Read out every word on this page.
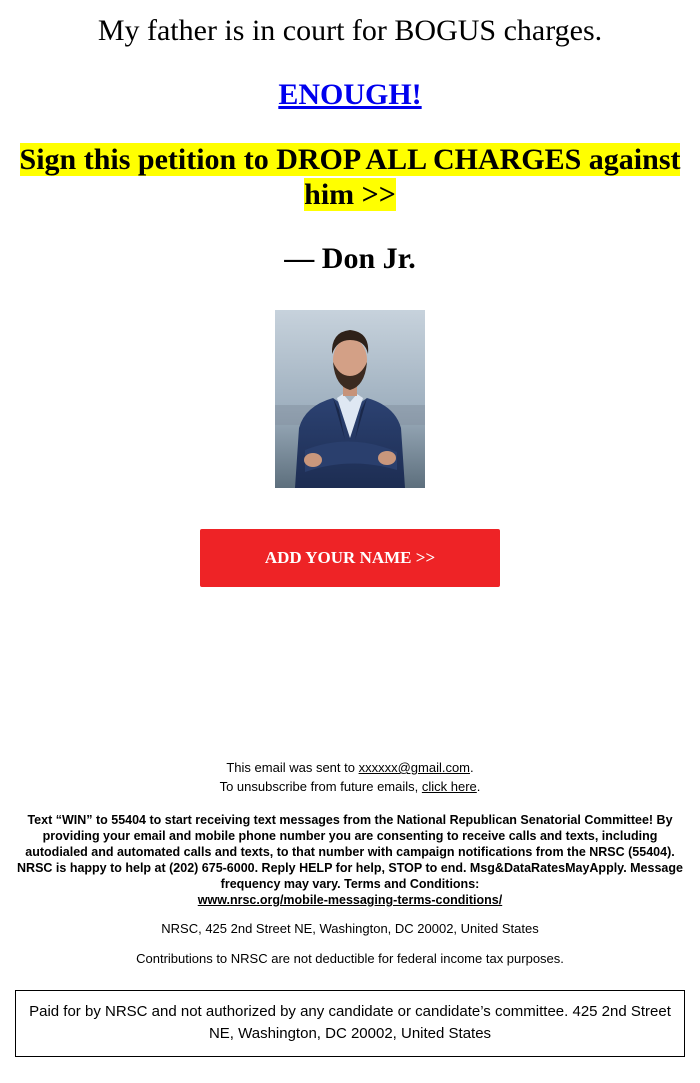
My father is in court for BOGUS charges.

ENOUGH!

Sign this petition to DROP ALL CHARGES against him >>

— Don Jr.

ADD YOUR NAME >>

This email was sent to xxxxxx@gmail.com.

To unsubscribe from future emails, click here.

Text “WIN” to 55404 to start receiving text messages from the National Republican Senatorial Committee! By providing your email and mobile phone number you are consenting to receive calls and texts, including autodialed and automated calls and texts, to that number with campaign notifications from the NRSC (55404). NRSC is happy to help at (202) 675-6000. Reply HELP for help, STOP to end. Msg&DataRatesMayApply. Message frequency may vary. Terms and Conditions:
www.nrsc.org/mobile-messaging-terms-conditions/

NRSC, 425 2nd Street NE, Washington, DC 20002, United States

Contributions to NRSC are not deductible for federal income tax purposes.

Paid for by NRSC and not authorized by any candidate or candidate’s committee. 425 2nd Street NE, Washington, DC 20002, United States
